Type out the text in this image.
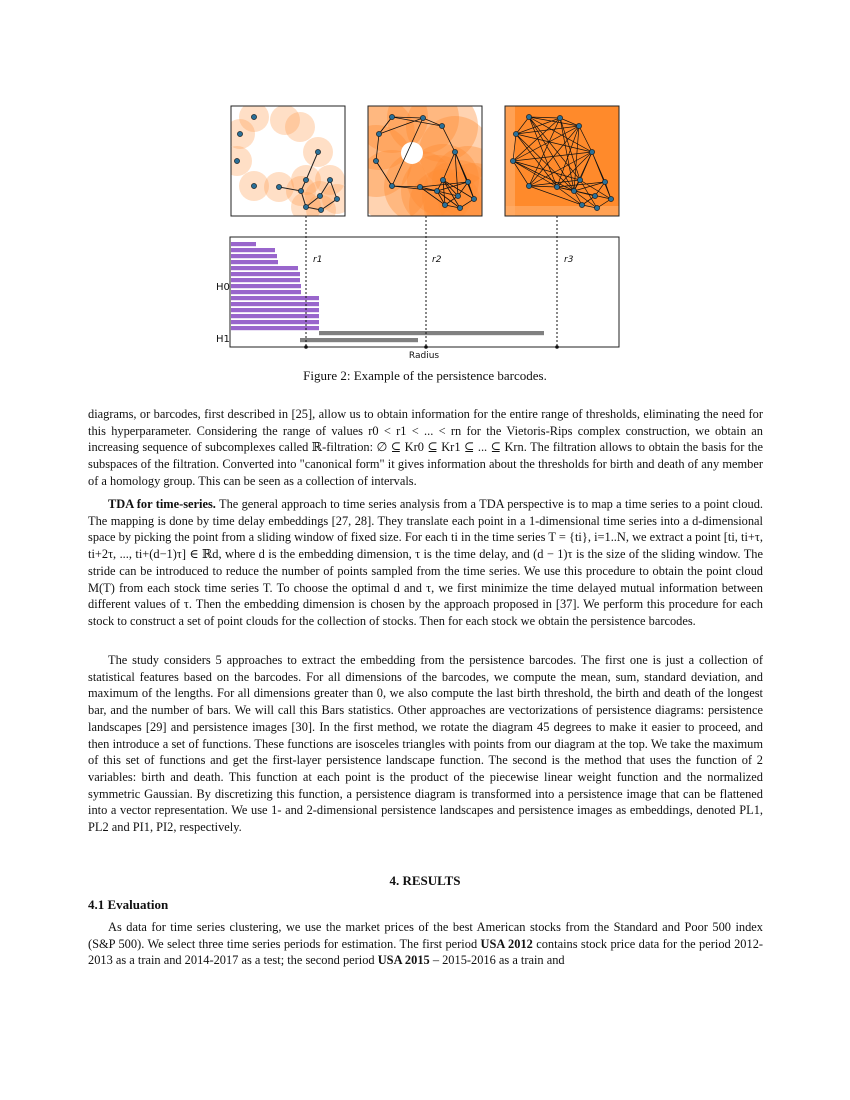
r1	r2	r3
H0
H1
Radius
Figure 2: Example of the persistence barcodes.

diagrams, or barcodes, first described in [25], allow us to obtain information for the entire range of thresholds, eliminating the need for this hyperparameter. Considering the range of values r0 < r1 < ... < rn for the Vietoris-Rips complex construction, we obtain an increasing sequence of subcomplexes called ℝ-filtration: ∅ ⊆ Kr0 ⊆ Kr1 ⊆ ... ⊆ Krn. The filtration allows to obtain the basis for the subspaces of the filtration. Converted into "canonical form" it gives information about the thresholds for birth and death of any member of a homology group. This can be seen as a collection of intervals.

TDA for time-series. The general approach to time series analysis from a TDA perspective is to map a time series to a point cloud. The mapping is done by time delay embeddings [27, 28]. They translate each point in a 1-dimensional time series into a d-dimensional space by picking the point from a sliding window of fixed size. For each ti in the time series T = {ti}, i=1..N, we extract a point [ti, ti+τ, ti+2τ, ..., ti+(d−1)τ] ∈ ℝd, where d is the embedding dimension, τ is the time delay, and (d − 1)τ is the size of the sliding window. The stride can be introduced to reduce the number of points sampled from the time series. We use this procedure to obtain the point cloud M(T) from each stock time series T. To choose the optimal d and τ, we first minimize the time delayed mutual information between different values of τ. Then the embedding dimension is chosen by the approach proposed in [37]. We perform this procedure for each stock to construct a set of point clouds for the collection of stocks. Then for each stock we obtain the persistence barcodes.

The study considers 5 approaches to extract the embedding from the persistence barcodes. The first one is just a collection of statistical features based on the barcodes. For all dimensions of the barcodes, we compute the mean, sum, standard deviation, and maximum of the lengths. For all dimensions greater than 0, we also compute the last birth threshold, the birth and death of the longest bar, and the number of bars. We will call this Bars statistics. Other approaches are vectorizations of persistence diagrams: persistence landscapes [29] and persistence images [30]. In the first method, we rotate the diagram 45 degrees to make it easier to proceed, and then introduce a set of functions. These functions are isosceles triangles with points from our diagram at the top. We take the maximum of this set of functions and get the first-layer persistence landscape function. The second is the method that uses the function of 2 variables: birth and death. This function at each point is the product of the piecewise linear weight function and the normalized symmetric Gaussian. By discretizing this function, a persistence diagram is transformed into a persistence image that can be flattened into a vector representation. We use 1- and 2-dimensional persistence landscapes and persistence images as embeddings, denoted PL1, PL2 and PI1, PI2, respectively.

4. RESULTS
4.1 Evaluation

As data for time series clustering, we use the market prices of the best American stocks from the Standard and Poor 500 index (S&P 500). We select three time series periods for estimation. The first period USA 2012 contains stock price data for the period 2012-2013 as a train and 2014-2017 as a test; the second period USA 2015 – 2015-2016 as a train and
